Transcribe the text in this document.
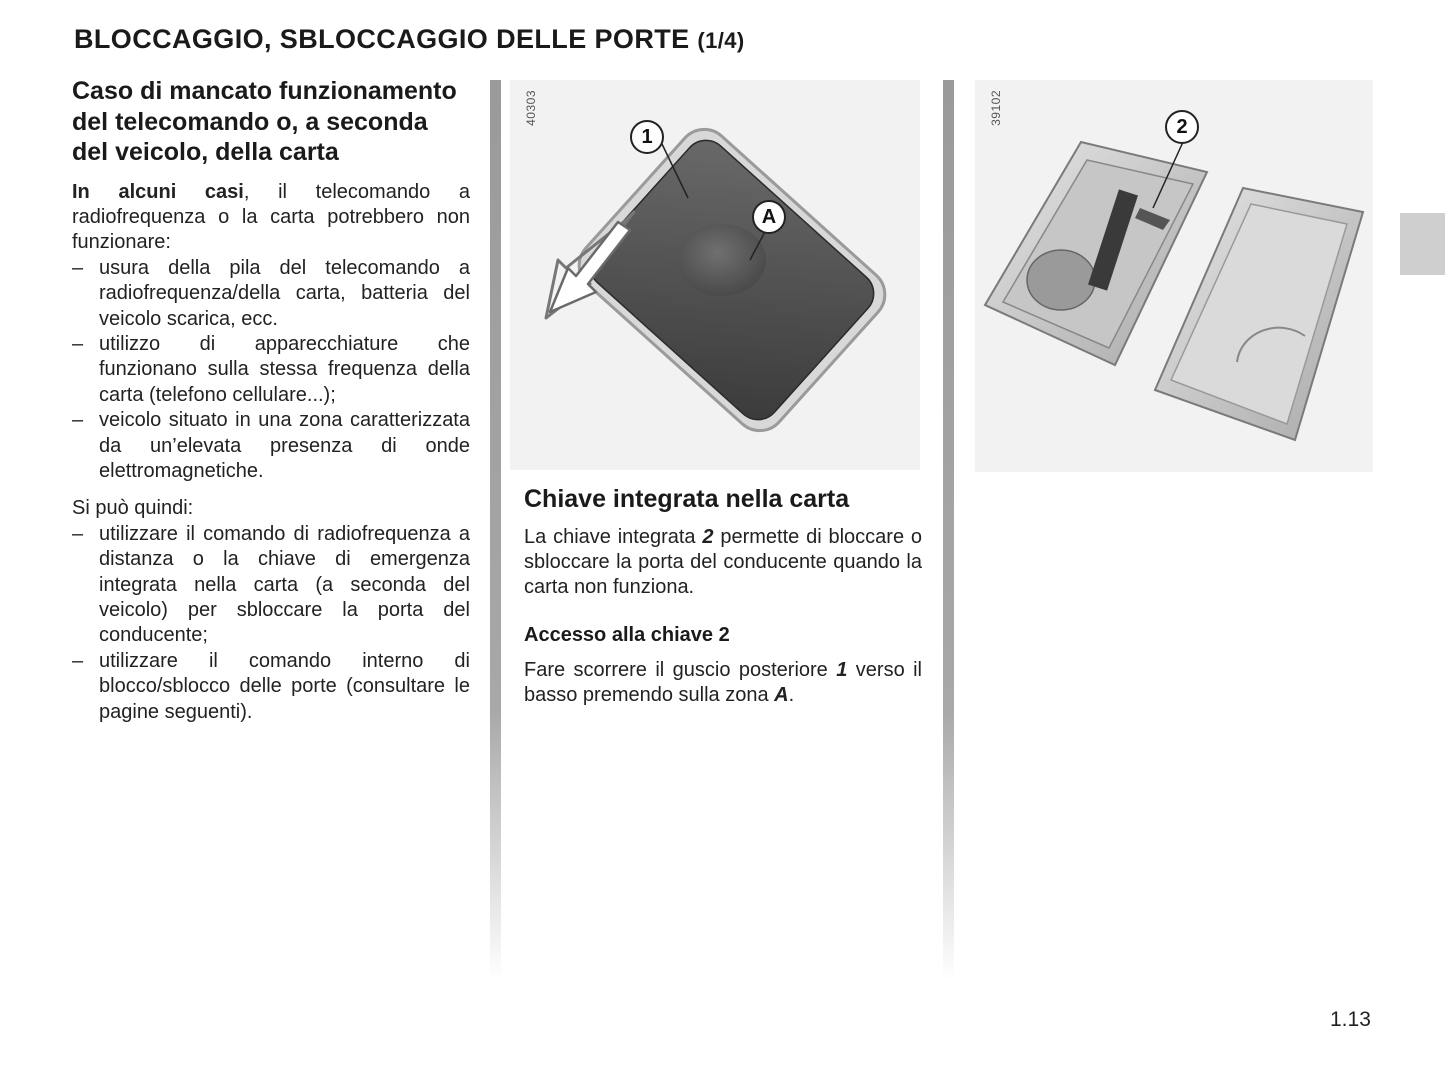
BLOCCAGGIO, SBLOCCAGGIO DELLE PORTE (1/4)
Caso di mancato funzionamento del telecomando o, a seconda del veicolo, della carta

In alcuni casi, il telecomando a radiofrequenza o la carta potrebbero non funzionare:

– usura della pila del telecomando a radiofrequenza/della carta, batteria del veicolo scarica, ecc.
– utilizzo di apparecchiature che funzionano sulla stessa frequenza della carta (telefono cellulare...);
– veicolo situato in una zona caratterizzata da un’elevata presenza di onde elettromagnetiche.

Si può quindi:

– utilizzare il comando di radiofrequenza a distanza o la chiave di emergenza integrata nella carta (a seconda del veicolo) per sbloccare la porta del conducente;
– utilizzare il comando interno di blocco/sblocco delle porte (consultare le pagine seguenti).
40303
1
A
39102
2
Chiave integrata nella carta

La chiave integrata 2 permette di bloccare o sbloccare la porta del conducente quando la carta non funziona.

Accesso alla chiave 2

Fare scorrere il guscio posteriore 1 verso il basso premendo sulla zona A.

1.13
